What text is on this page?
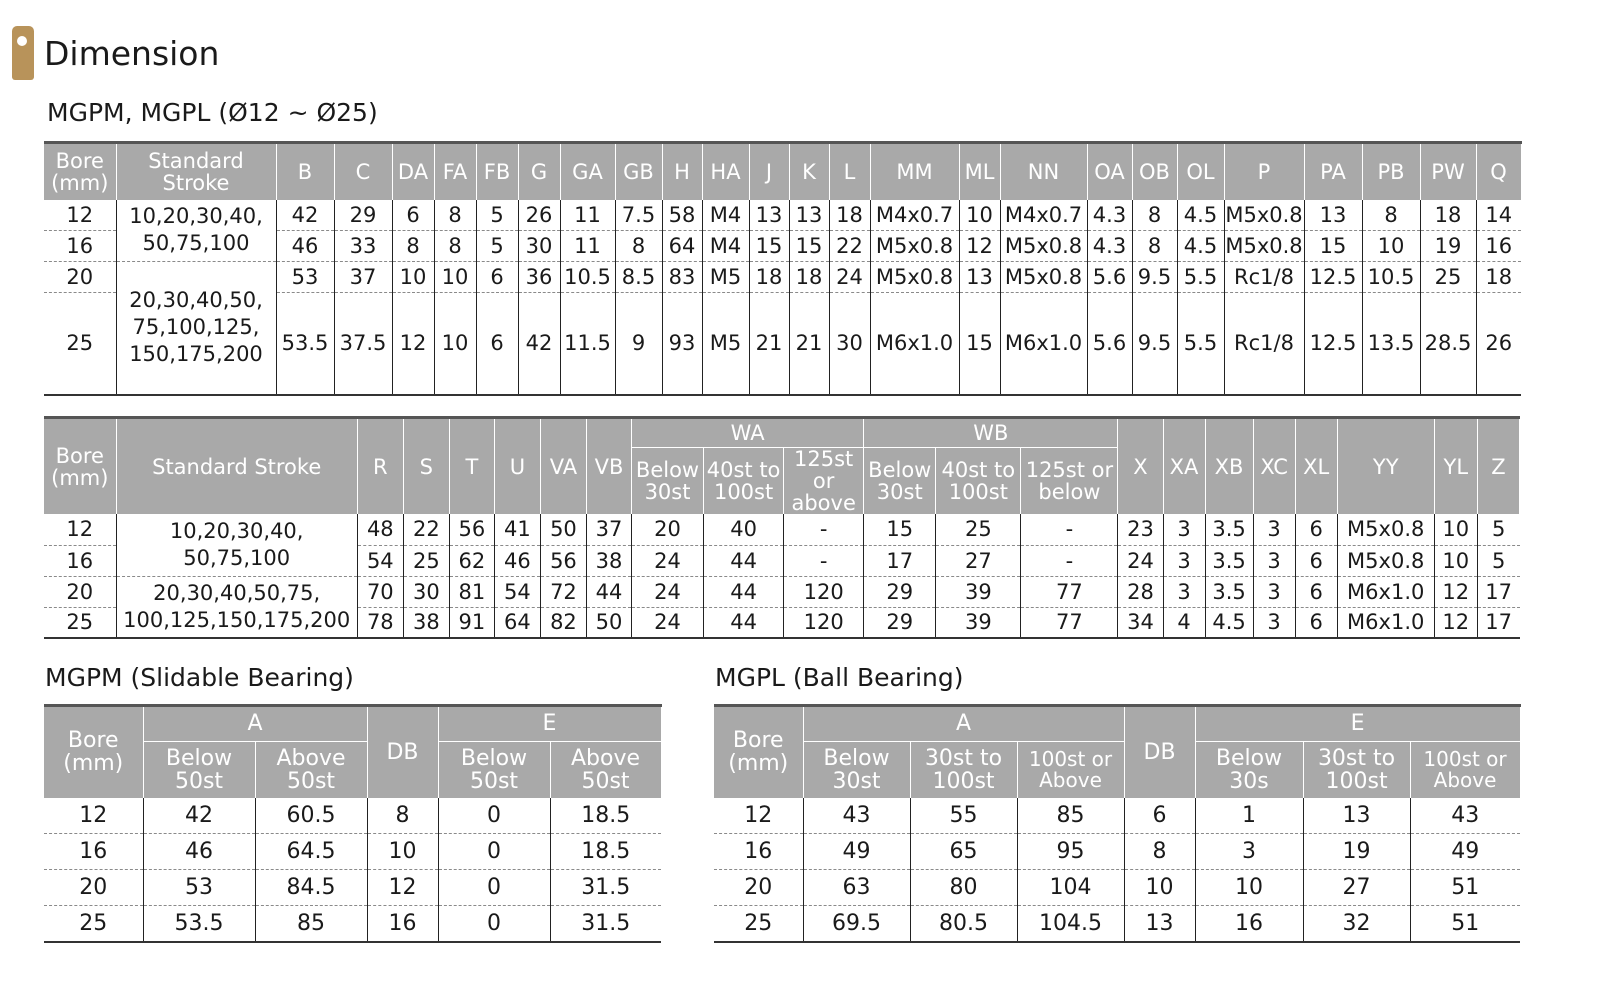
Dimension
MGPM, MGPL (Ø12 ~ Ø25)
Bore (mm)	Standard Stroke	B	C	DA	FA	FB	G	GA	GB	H	HA	J	K	L	MM	ML	NN	OA	OB	OL	P	PA	PB	PW	Q
12	10,20,30,40, 50,75,100	42	29	6	8	5	26	11	7.5	58	M4	13	13	18	M4x0.7	10	M4x0.7	4.3	8	4.5	M5x0.8	13	8	18	14
16		46	33	8	8	5	30	11	8	64	M4	15	15	22	M5x0.8	12	M5x0.8	4.3	8	4.5	M5x0.8	15	10	19	16
20	20,30,40,50, 75,100,125, 150,175,200	53	37	10	10	6	36	10.5	8.5	83	M5	18	18	24	M5x0.8	13	M5x0.8	5.6	9.5	5.5	Rc1/8	12.5	10.5	25	18
25		53.5	37.5	12	10	6	42	11.5	9	93	M5	21	21	30	M6x1.0	15	M6x1.0	5.6	9.5	5.5	Rc1/8	12.5	13.5	28.5	26
Bore (mm)	Standard Stroke	R	S	T	U	VA	VB	WA			WB			X	XA	XB	XC	XL	YY	YL	Z
								Below 30st	40st to 100st	125st or above	Below 30st	40st to 100st	125st or below								
12	10,20,30,40, 50,75,100	48	22	56	41	50	37	20	40	-	15	25	-	23	3	3.5	3	6	M5x0.8	10	5
16		54	25	62	46	56	38	24	44	-	17	27	-	24	3	3.5	3	6	M5x0.8	10	5
20	20,30,40,50,75, 100,125,150,175,200	70	30	81	54	72	44	24	44	120	29	39	77	28	3	3.5	3	6	M6x1.0	12	17
25		78	38	91	64	82	50	24	44	120	29	39	77	34	4	4.5	3	6	M6x1.0	12	17
MGPM (Slidable Bearing)	MGPL (Ball Bearing)
Bore (mm)	A		DB	E	
	Below 50st	Above 50st		Below 50st	Above 50st
12	42	60.5	8	0	18.5
16	46	64.5	10	0	18.5
20	53	84.5	12	0	31.5
25	53.5	85	16	0	31.5
Bore (mm)	A			DB	E		
	Below 30st	30st to 100st	100st or Above		Below 30s	30st to 100st	100st or Above
12	43	55	85	6	1	13	43
16	49	65	95	8	3	19	49
20	63	80	104	10	10	27	51
25	69.5	80.5	104.5	13	16	32	51
